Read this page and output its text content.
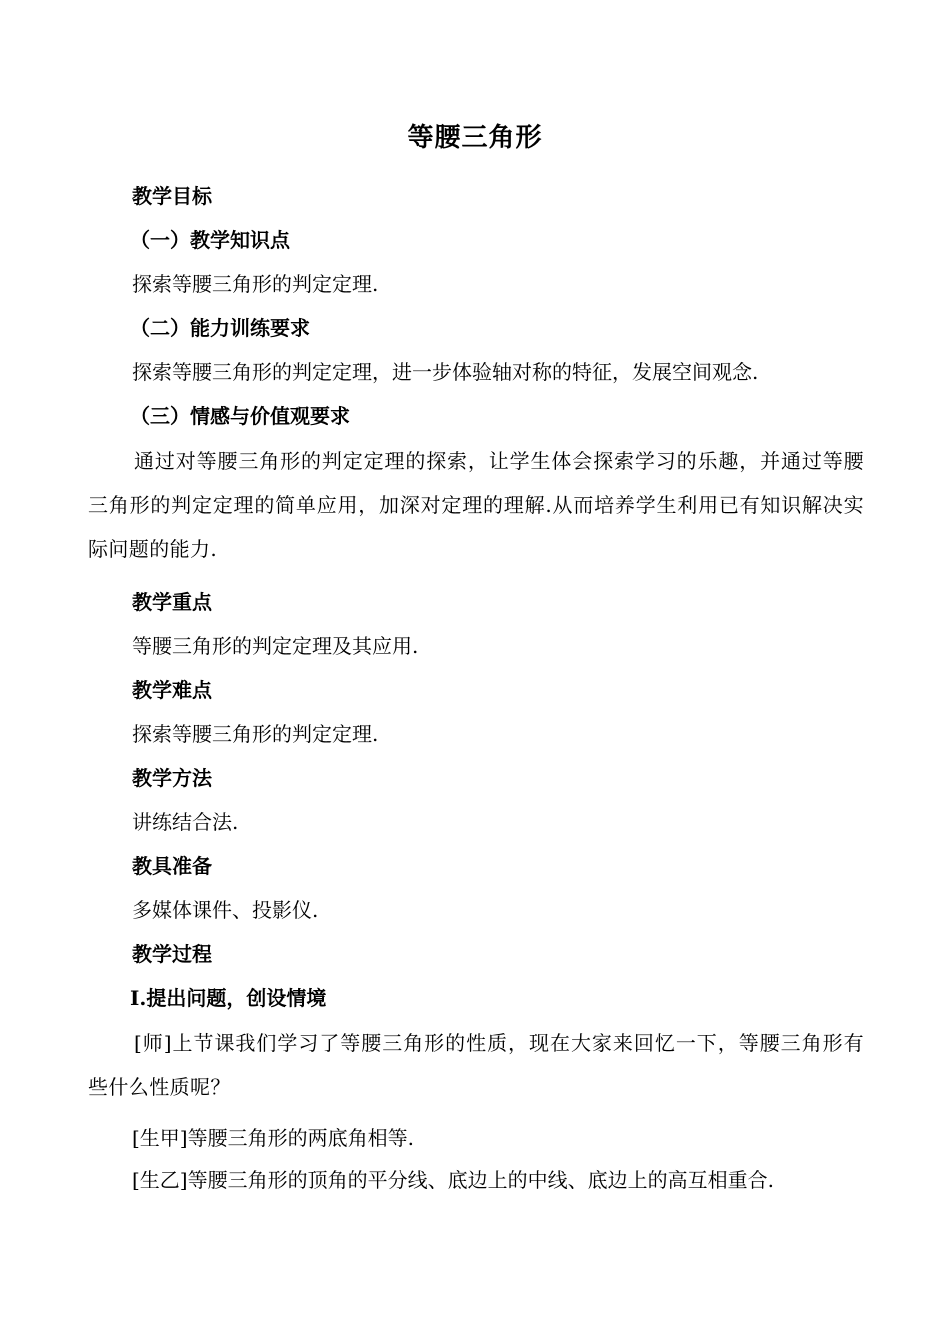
等腰三角形
教学目标
（一）教学知识点
探索等腰三角形的判定定理.
（二）能力训练要求
探索等腰三角形的判定定理，进一步体验轴对称的特征，发展空间观念.
（三）情感与价值观要求
通过对等腰三角形的判定定理的探索，让学生体会探索学习的乐趣，并通过等腰三角形的判定定理的简单应用，加深对定理的理解.从而培养学生利用已有知识解决实际问题的能力.
教学重点
等腰三角形的判定定理及其应用.
教学难点
探索等腰三角形的判定定理.
教学方法
讲练结合法.
教具准备
多媒体课件、投影仪.
教学过程
Ⅰ.提出问题，创设情境
[师]上节课我们学习了等腰三角形的性质，现在大家来回忆一下，等腰三角形有些什么性质呢？
[生甲]等腰三角形的两底角相等.
[生乙]等腰三角形的顶角的平分线、底边上的中线、底边上的高互相重合.
